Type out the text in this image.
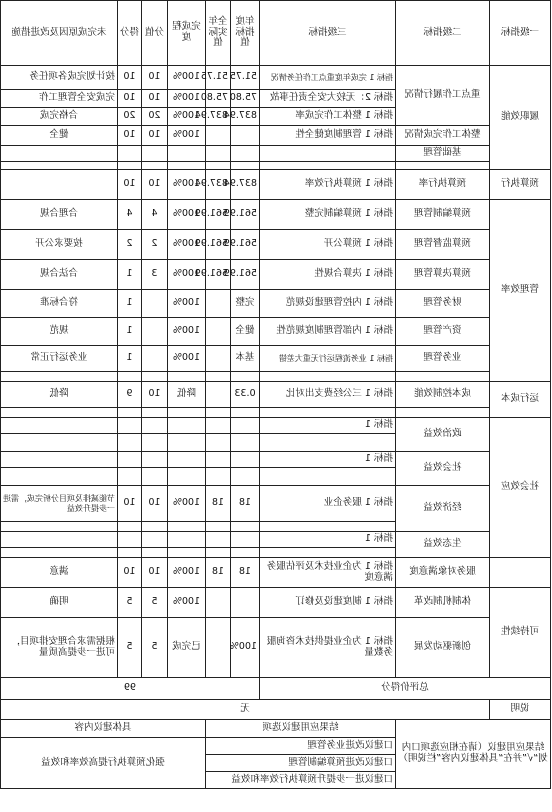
一级指标	二级指标	三级指标	年度指标值	全年实际值	完成程度	分值	得分	未完成原因及改进措施
履职效能	重点工作履行情况	指标 1 完成年度重点工作任务情况	51.75	51.75	100%	10	10	按计划完成各项任务
		指标 2：无较大安全责任事故	75.80	75.80	100%	10	10	完成安全管理工作
		指标 1 整体工作完成率	837.94	837.94	100%	20	20	合格完成
	整体工作完成情况	指标 1 管理制度健全性			100%	10	10	健全
	基础管理							

预算执行	预算执行率	指标 1 预算执行效率	837.94	837.94	100%	10	10	
管理效率	预算编制管理	指标 1 预算编制完整	561.99	561.99	100%	4	4	合理合规
	预算监督管理	指标 1 预算公开	561.99	561.99	100%	2	2	按要求公开
	预算决算管理	指标 1 决算合规性	561.99	561.99	100%	3	1	合法合规
	财务管理	指标 1 内控管理建设规范	完整		100%		1	符合标准
	资产管理	指标 1 内部管理制度规范性	健全		100%		1	规范
	业务管理	指标 1 业务流程运行无重大差错	基本		100%		1	业务运行正常

运行成本	成本控制效能	指标 1 三公经费支出对比	0.33		降低	10	9	降低

社会效应	政治效益	指标 1						

	社会效益	指标 1						

	经济效益	指标 1 服务企业	18	18	100%	10	10	节能减排及项目分析完成，需进一步提升效益

	生态效益	指标 1						

	服务对象满意度	指标 1 为企业技术及评估服务满意度	18	18	100%	10	10	满意
可持续性	体制机制改革	指标 1 制度建设及修订			100%	5	5	明确
	创新驱动发展	指标 1 为企业提供技术咨询服务数量	100%		已完成	5	5	根据需求合理安排项目，可进一步提高质量
总评价得分			99					
说明	无							
结果应用建议（请在相应选项口内划“√”并在“具体建议内容”栏说明）		结果应用建议选项			具体建议内容			
		口建议改进业务管理			强化预算执行提高效率和效益			
		口建议改进预算编制管理						
		口建议进一步提升预算执行效率和效益						
